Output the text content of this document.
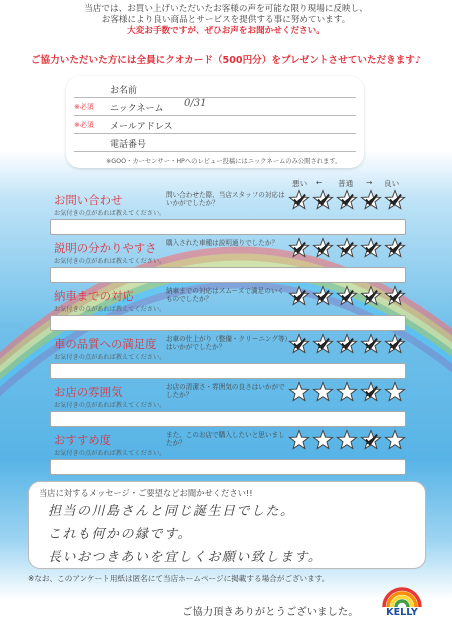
当店では、お買い上げいただいたお客様の声を可能な限り現場に反映し、
お客様により良い商品とサービスを提供する事に努めています。
大変お手数ですが、ぜひお声をお聞かせください。
ご協力いただいた方には全員にクオカード（500円分）をプレゼントさせていただきます♪
お名前
※必須 ニックネーム 0/31
※必須 メールアドレス
電話番号
※GOO・カーセンサー・HPへのレビュー投稿にはニックネームのみ公開されます。
悪い ← 普通 → 良い
お問い合わせ
お気付きの点があれば教えてください。
問い合わせた際、当店スタッフの対応はいかがでしたか？
説明の分かりやすさ
お気付きの点があれば教えてください。
購入された車種は説明通りでしたか？
納車までの対応
お気付きの点があれば教えてください。
納車までの対応はスムーズで満足のいくものでしたか？
車の品質への満足度
お気付きの点があれば教えてください。
お車の仕上がり（整備・クリーニング等）はいかがでしたか？
お店の雰囲気
お気付きの点があれば教えてください。
お店の清潔さ・雰囲気の良さはいかがでしたか？
おすすめ度
お気付きの点があれば教えてください。
また、このお店で購入したいと思いましたか？
当店に対するメッセージ・ご要望などお聞かせください!!
担当の川島さんと同じ誕生日でした。
これも何かの縁です。
長いおつきあいを宜しくお願い致します。
※なお、このアンケート用紙は匿名にて当店ホームページに掲載する場合がございます。
ご協力頂きありがとうございました。	KELLY
